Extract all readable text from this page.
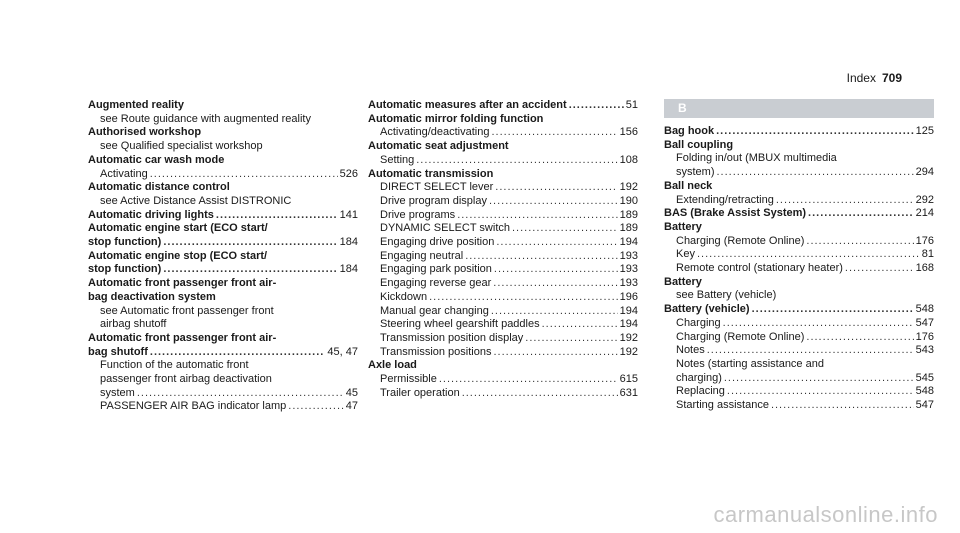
Index 709
Augmented reality
see Route guidance with augmented reality
Authorised workshop
see Qualified specialist workshop
Automatic car wash mode
Activating .....	526
Automatic distance control
see Active Distance Assist DISTRONIC
Automatic driving lights .....	141
Automatic engine start (ECO start/
stop function) .....	184
Automatic engine stop (ECO start/
stop function) .....	184
Automatic front passenger front air-
bag deactivation system
see Automatic front passenger front
airbag shutoff
Automatic front passenger front air-
bag shutoff .....	45, 47
Function of the automatic front
passenger front airbag deactivation
system .....	45
PASSENGER AIR BAG indicator lamp .....	47
Automatic measures after an accident .....	51
Automatic mirror folding function
Activating/deactivating .....	156
Automatic seat adjustment
Setting .....	108
Automatic transmission
DIRECT SELECT lever .....	192
Drive program display .....	190
Drive programs .....	189
DYNAMIC SELECT switch .....	189
Engaging drive position .....	194
Engaging neutral .....	193
Engaging park position .....	193
Engaging reverse gear .....	193
Kickdown .....	196
Manual gear changing .....	194
Steering wheel gearshift paddles .....	194
Transmission position display .....	192
Transmission positions .....	192
Axle load
Permissible .....	615
Trailer operation .....	631
B
Bag hook .....	125
Ball coupling
Folding in/out (MBUX multimedia
system) .....	294
Ball neck
Extending/retracting .....	292
BAS (Brake Assist System) .....	214
Battery
Charging (Remote Online) .....	176
Key .....	81
Remote control (stationary heater) .....	168
Battery
see Battery (vehicle)
Battery (vehicle) .....	548
Charging .....	547
Charging (Remote Online) .....	176
Notes .....	543
Notes (starting assistance and
charging) .....	545
Replacing .....	548
Starting assistance .....	547
carmanualsonline.info
